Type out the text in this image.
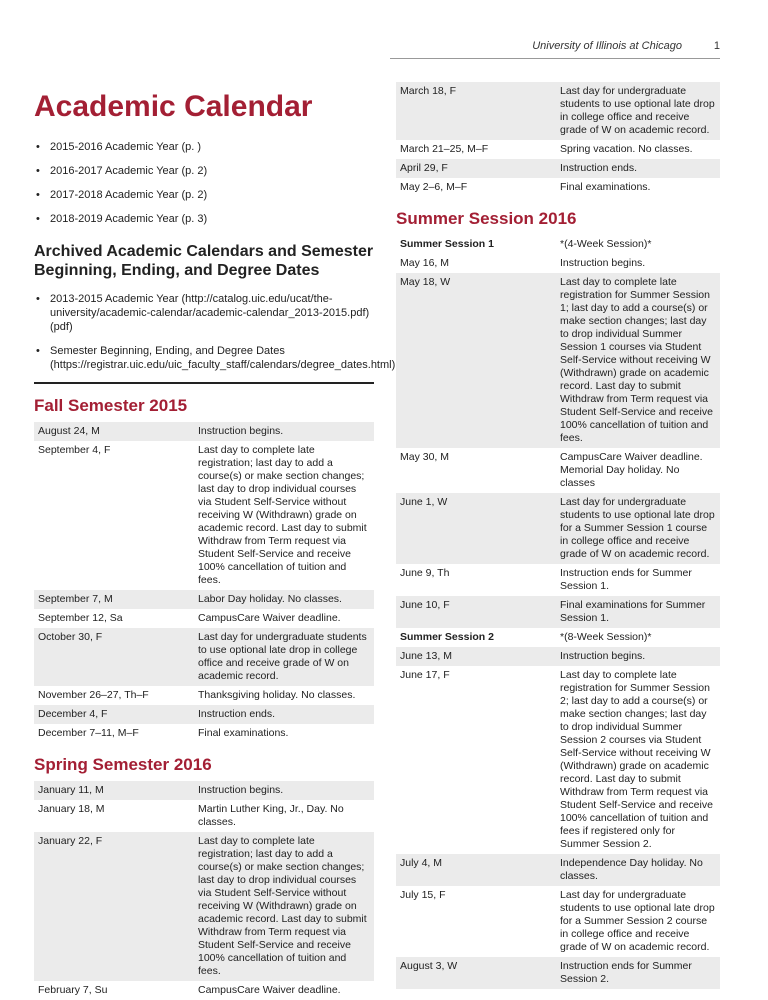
University of Illinois at Chicago	1
Academic Calendar
• 2015-2016 Academic Year (p. )
• 2016-2017 Academic Year (p. 2)
• 2017-2018 Academic Year (p. 2)
• 2018-2019 Academic Year (p. 3)
Archived Academic Calendars and Semester Beginning, Ending, and Degree Dates
• 2013-2015 Academic Year (http://catalog.uic.edu/ucat/the-university/academic-calendar/academic-calendar_2013-2015.pdf) (pdf)
• Semester Beginning, Ending, and Degree Dates (https://registrar.uic.edu/uic_faculty_staff/calendars/degree_dates.html)
Fall Semester 2015
August 24, M	Instruction begins.
September 4, F	Last day to complete late registration; last day to add a course(s) or make section changes; last day to drop individual courses via Student Self-Service without receiving W (Withdrawn) grade on academic record. Last day to submit Withdraw from Term request via Student Self-Service and receive 100% cancellation of tuition and fees.
September 7, M	Labor Day holiday. No classes.
September 12, Sa	CampusCare Waiver deadline.
October 30, F	Last day for undergraduate students to use optional late drop in college office and receive grade of W on academic record.
November 26–27, Th–F	Thanksgiving holiday. No classes.
December 4, F	Instruction ends.
December 7–11, M–F	Final examinations.
Spring Semester 2016
January 11, M	Instruction begins.
January 18, M	Martin Luther King, Jr., Day. No classes.
January 22, F	Last day to complete late registration; last day to add a course(s) or make section changes; last day to drop individual courses via Student Self-Service without receiving W (Withdrawn) grade on academic record. Last day to submit Withdraw from Term request via Student Self-Service and receive 100% cancellation of tuition and fees.
February 7, Su	CampusCare Waiver deadline.
March 18, F	Last day for undergraduate students to use optional late drop in college office and receive grade of W on academic record.
March 21–25, M–F	Spring vacation. No classes.
April 29, F	Instruction ends.
May 2–6, M–F	Final examinations.
Summer Session 2016
Summer Session 1	*(4-Week Session)*
May 16, M	Instruction begins.
May 18, W	Last day to complete late registration for Summer Session 1; last day to add a course(s) or make section changes; last day to drop individual Summer Session 1 courses via Student Self-Service without receiving W (Withdrawn) grade on academic record. Last day to submit Withdraw from Term request via Student Self-Service and receive 100% cancellation of tuition and fees.
May 30, M	CampusCare Waiver deadline. Memorial Day holiday. No classes
June 1, W	Last day for undergraduate students to use optional late drop for a Summer Session 1 course in college office and receive grade of W on academic record.
June 9, Th	Instruction ends for Summer Session 1.
June 10, F	Final examinations for Summer Session 1.
Summer Session 2	*(8-Week Session)*
June 13, M	Instruction begins.
June 17, F	Last day to complete late registration for Summer Session 2; last day to add a course(s) or make section changes; last day to drop individual Summer Session 2 courses via Student Self-Service without receiving W (Withdrawn) grade on academic record. Last day to submit Withdraw from Term request via Student Self-Service and receive 100% cancellation of tuition and fees if registered only for Summer Session 2.
July 4, M	Independence Day holiday. No classes.
July 15, F	Last day for undergraduate students to use optional late drop for a Summer Session 2 course in college office and receive grade of W on academic record.
August 3, W	Instruction ends for Summer Session 2.
